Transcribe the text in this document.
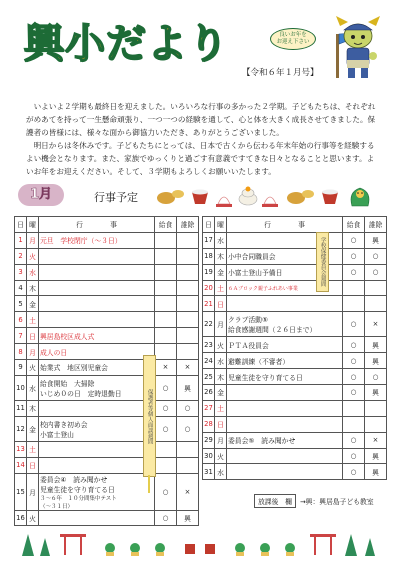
興小だより	良いお年を
お迎え下さい
【令和６年１月号】

いよいよ２学期も最終日を迎えました。いろいろな行事の多かった２学期。子どもたちは、それぞれがめあてを持って一生懸命頑張り、一つ一つの経験を通して、心と体を大きく成長させてきました。保護者の皆様には、様々な面から御協力いただき、ありがとうございました。

明日からは冬休みです。子どもたちにとっては、日本で古くから伝わる年末年始の行事等を経験するよい機会となります。また、家族でゆっくりと過ごす有意義ですてきな日々となることと思います。よいお年をお迎えください。そして、３学期もよろしくお願いいたします。

1月	行事予定
日	曜	行　　　　事	給食	誰除
1	月	元旦　学校閉庁（～３日）		

2	火	

3	水	

4	木	

5	金	

6	土	

7	日	興居島校区成人式		

8	月	成人の日		

9	火	始業式　地区別児童会	×	×
10	水	給食開始　大掃除
いじめ０の日　定時退勤日	○	興
11	木		○	○
12	金	校内書き初め会
小富士登山	○	○
13	土	

14	日	

15	月	委員会④　読み聞かせ
児童生徒を守り育てる日
３～６年　１０分間集中テスト
（～３１日）	○	×
16	火		○	興
日	曜	行　　　　事	給食	誰除
17	水		○	興
18	木	小中合同職員会	○	○
19	金	小富士登山予備日	○	○
20	土	６Ａブロック親子ふれあい事業		

21	日	

22	月	クラブ活動⑤
給食感謝週間（２６日まで）	○	×
23	火	ＰＴＡ役員会	○	興
24	水	避難訓練（不審者）	○	興
25	木	児童生徒を守り育てる日	○	○
26	金		○	興
27	土	

28	日	

29	月	委員会⑤　読み聞かせ	○	×
30	火		○	興
31	水		○	興
保護者等個人面談週間
学校保健委員会週間
放課後　欄	→興：興居島子ども教室
